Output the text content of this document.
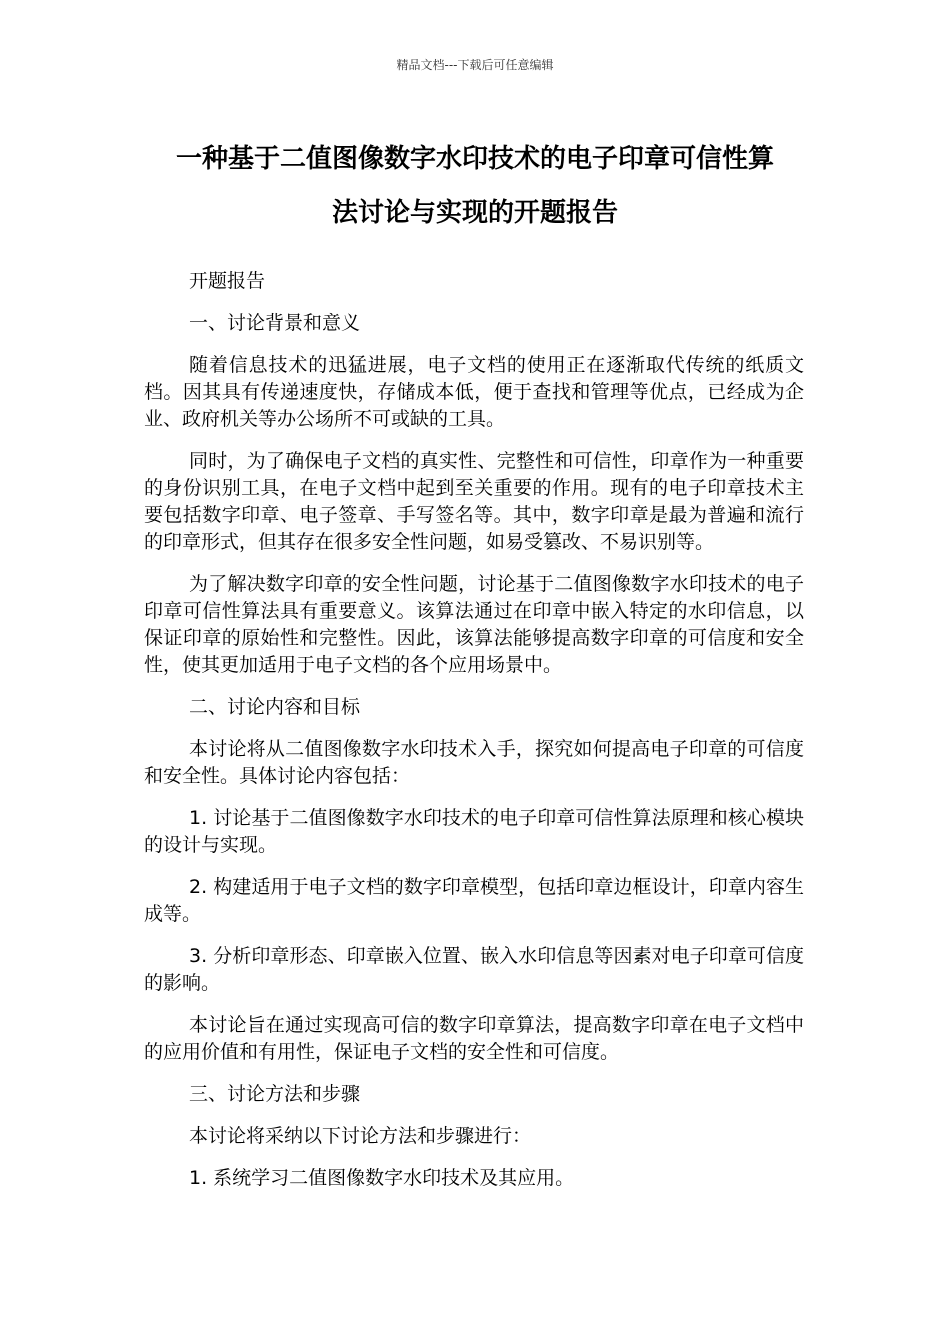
精品文档---下载后可任意编辑
一种基于二值图像数字水印技术的电子印章可信性算
法讨论与实现的开题报告

开题报告

一、讨论背景和意义

随着信息技术的迅猛进展，电子文档的使用正在逐渐取代传统的纸质文档。因其具有传递速度快，存储成本低，便于查找和管理等优点，已经成为企业、政府机关等办公场所不可或缺的工具。

同时，为了确保电子文档的真实性、完整性和可信性，印章作为一种重要的身份识别工具，在电子文档中起到至关重要的作用。现有的电子印章技术主要包括数字印章、电子签章、手写签名等。其中，数字印章是最为普遍和流行的印章形式，但其存在很多安全性问题，如易受篡改、不易识别等。

为了解决数字印章的安全性问题，讨论基于二值图像数字水印技术的电子印章可信性算法具有重要意义。该算法通过在印章中嵌入特定的水印信息，以保证印章的原始性和完整性。因此，该算法能够提高数字印章的可信度和安全性，使其更加适用于电子文档的各个应用场景中。

二、讨论内容和目标

本讨论将从二值图像数字水印技术入手，探究如何提高电子印章的可信度和安全性。具体讨论内容包括：

1. 讨论基于二值图像数字水印技术的电子印章可信性算法原理和核心模块的设计与实现。

2. 构建适用于电子文档的数字印章模型，包括印章边框设计，印章内容生成等。

3. 分析印章形态、印章嵌入位置、嵌入水印信息等因素对电子印章可信度的影响。

本讨论旨在通过实现高可信的数字印章算法，提高数字印章在电子文档中的应用价值和有用性，保证电子文档的安全性和可信度。

三、讨论方法和步骤

本讨论将采纳以下讨论方法和步骤进行：

1. 系统学习二值图像数字水印技术及其应用。
